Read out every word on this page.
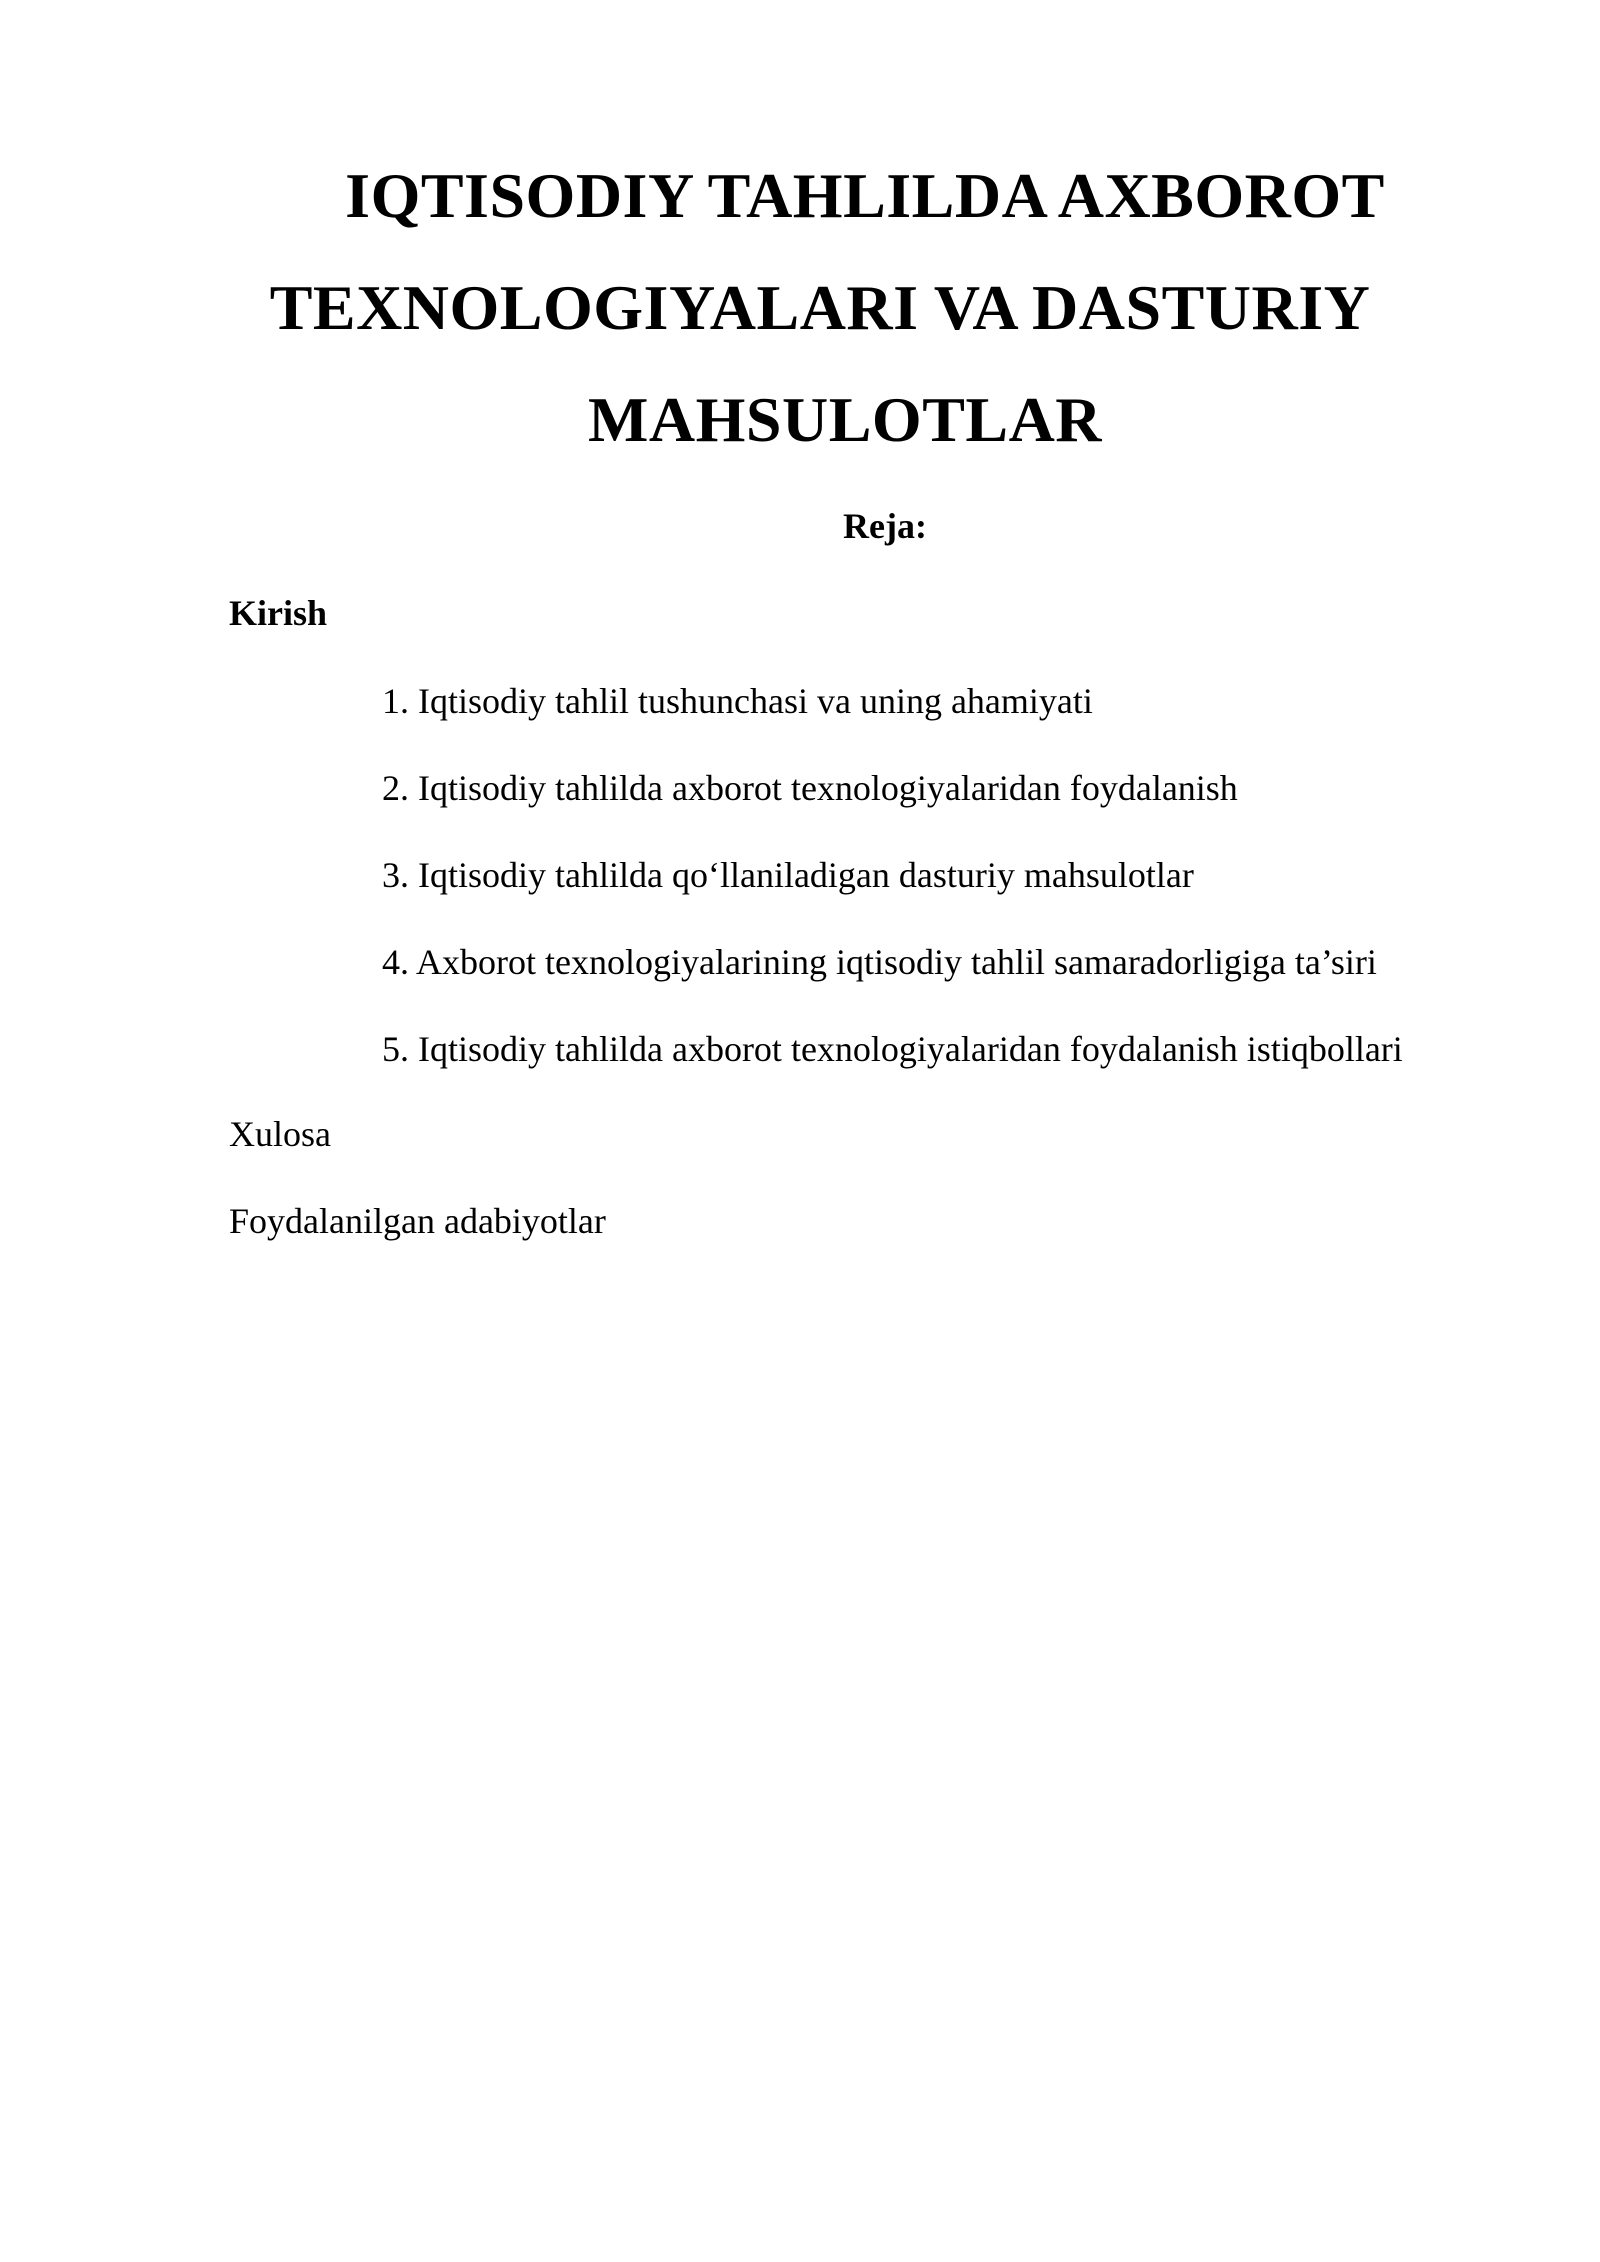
IQTISODIY TAHLILDA AXBOROT
TEXNOLOGIYALARI VA DASTURIY
MAHSULOTLAR

Reja:

Kirish

1. Iqtisodiy tahlil tushunchasi va uning ahamiyati
2. Iqtisodiy tahlilda axborot texnologiyalaridan foydalanish
3. Iqtisodiy tahlilda qo‘llaniladigan dasturiy mahsulotlar
4. Axborot texnologiyalarining iqtisodiy tahlil samaradorligiga ta’siri
5. Iqtisodiy tahlilda axborot texnologiyalaridan foydalanish istiqbollari

Xulosa

Foydalanilgan adabiyotlar
